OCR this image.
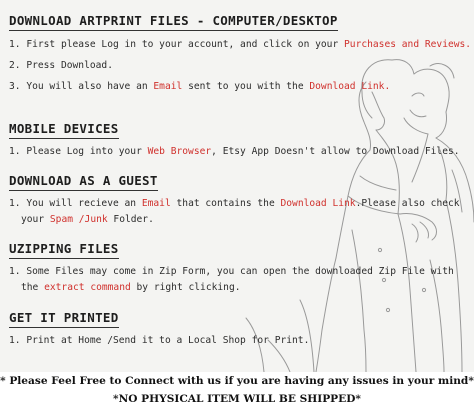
DOWNLOAD ARTPRINT FILES - COMPUTER/DESKTOP
1. First please Log in to your account, and click on your Purchases and Reviews.
2. Press Download.
3. You will also have an Email sent to you with the Download Link.
MOBILE DEVICES
1. Please Log into your Web Browser, Etsy App Doesn't allow to Download Files.
DOWNLOAD AS A GUEST
1. You will recieve an Email that contains the Download Link.Please also check
your Spam /Junk Folder.
UZIPPING FILES
1. Some Files may come in Zip Form, you can open the downloaded Zip File with
the extract command by right clicking.
GET IT PRINTED
1. Print at Home /Send it to a Local Shop for Print.
* Please Feel Free to Connect with us if you are having any issues in your mind*
*NO PHYSICAL ITEM WILL BE SHIPPED*
